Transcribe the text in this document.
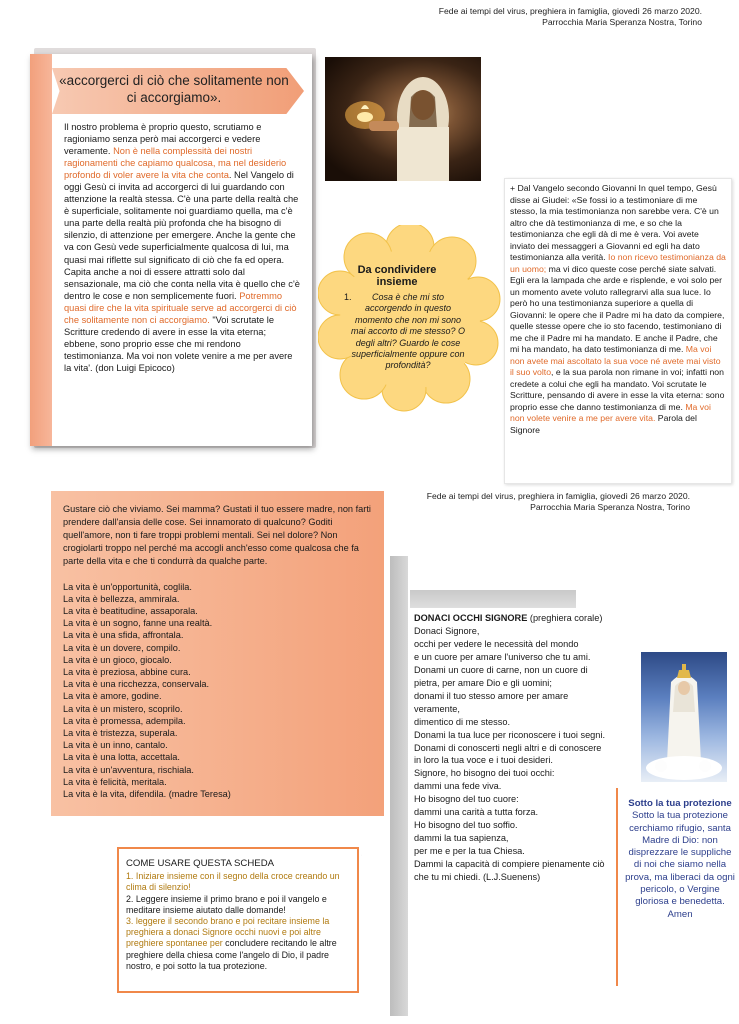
Fede ai tempi del virus, preghiera in famiglia, giovedì 26 marzo 2020.
Parrocchia Maria Speranza Nostra, Torino
«accorgerci di ciò che solitamente non ci accorgiamo».
Il nostro problema è proprio questo, scrutiamo e ragioniamo senza però mai accorgerci e vedere veramente. Non è nella complessità dei nostri ragionamenti che capiamo qualcosa, ma nel desiderio profondo di voler avere la vita che conta. Nel Vangelo di oggi Gesù ci invita ad accorgerci di lui guardando con attenzione la realtà stessa. C'è una parte della realtà che è superficiale, solitamente noi guardiamo quella, ma c'è una parte della realtà più profonda che ha bisogno di silenzio, di attenzione per emergere. Anche la gente che va con Gesù vede superficialmente qualcosa di lui, ma quasi mai riflette sul significato di ciò che fa ed opera. Capita anche a noi di essere attratti solo dal sensazionale, ma ciò che conta nella vita è quello che c'è dentro le cose e non semplicemente fuori. Potremmo quasi dire che la vita spirituale serve ad accorgerci di ciò che solitamente non ci accorgiamo. "Voi scrutate le Scritture credendo di avere in esse la vita eterna; ebbene, sono proprio esse che mi rendono testimonianza. Ma voi non volete venire a me per avere la vita'. (don Luigi Epicoco)
Da condividere insieme
1. Cosa è che mi sto accorgendo in questo momento che non mi sono mai accorto di me stesso? O degli altri? Guardo le cose superficialmente oppure con profondità?
+ Dal Vangelo secondo Giovanni In quel tempo, Gesù disse ai Giudei: «Se fossi io a testimoniare di me stesso, la mia testimonianza non sarebbe vera. C'è un altro che dà testimonianza di me, e so che la testimonianza che egli dà di me è vera. Voi avete inviato dei messaggeri a Giovanni ed egli ha dato testimonianza alla verità. Io non ricevo testimonianza da un uomo; ma vi dico queste cose perché siate salvati. Egli era la lampada che arde e risplende, e voi solo per un momento avete voluto rallegrarvi alla sua luce. Io però ho una testimonianza superiore a quella di Giovanni: le opere che il Padre mi ha dato da compiere, quelle stesse opere che io sto facendo, testimoniano di me che il Padre mi ha mandato. E anche il Padre, che mi ha mandato, ha dato testimonianza di me. Ma voi non avete mai ascoltato la sua voce né avete mai visto il suo volto, e la sua parola non rimane in voi; infatti non credete a colui che egli ha mandato. Voi scrutate le Scritture, pensando di avere in esse la vita eterna: sono proprio esse che danno testimonianza di me. Ma voi non volete venire a me per avere vita. Parola del Signore
Fede ai tempi del virus, preghiera in famiglia, giovedì 26 marzo 2020.
Parrocchia Maria Speranza Nostra, Torino
Gustare ciò che viviamo. Sei mamma? Gustati il tuo essere madre, non farti prendere dall'ansia delle cose. Sei innamorato di qualcuno? Goditi quell'amore, non ti fare troppi problemi mentali. Sei nel dolore? Non crogiolarti troppo nel perché ma accogli anch'esso come qualcosa che fa parte della vita e che ti condurrà da qualche parte.
La vita è un'opportunità, coglila.
La vita è bellezza, ammirala.
La vita è beatitudine, assaporala.
La vita è un sogno, fanne una realtà.
La vita è una sfida, affrontala.
La vita è un dovere, compilo.
La vita è un gioco, giocalo.
La vita è preziosa, abbine cura.
La vita è una ricchezza, conservala.
La vita è amore, godine.
La vita è un mistero, scoprilo.
La vita è promessa, adempila.
La vita è tristezza, superala.
La vita è un inno, cantalo.
La vita è una lotta, accettala.
La vita è un'avventura, rischiala.
La vita è felicità, meritala.
La vita è la vita, difendila. (madre Teresa)
DONACI OCCHI SIGNORE (preghiera corale)
Donaci Signore,
occhi per vedere le necessità del mondo
e un cuore per amare l'universo che tu ami.
Donami un cuore di carne, non un cuore di pietra, per amare Dio e gli uomini;
donami il tuo stesso amore per amare veramente,
dimentico di me stesso.
Donami la tua luce per riconoscere i tuoi segni.
Donami di conoscerti negli altri e di conoscere
in loro la tua voce e i tuoi desideri.
Signore, ho bisogno dei tuoi occhi:
dammi una fede viva.
Ho bisogno del tuo cuore:
dammi una carità a tutta forza.
Ho bisogno del tuo soffio.
dammi la tua sapienza,
per me e per la tua Chiesa.
Dammi la capacità di compiere pienamente ciò che tu mi chiedi. (L.J.Suenens)
Sotto la tua protezione
Sotto la tua protezione cerchiamo rifugio, santa Madre di Dio: non disprezzare le suppliche di noi che siamo nella prova, ma liberaci da ogni pericolo, o Vergine gloriosa e benedetta. Amen
COME USARE QUESTA SCHEDA
1. Iniziare insieme con il segno della croce creando un clima di silenzio!
2. Leggere insieme il primo brano e poi il vangelo e meditare insieme aiutato dalle domande!
3. leggere il secondo brano e poi recitare insieme la preghiera a donaci Signore occhi nuovi e poi altre preghiere spontanee per concludere recitando le altre preghiere della chiesa come l'angelo di Dio, il padre nostro, e poi sotto la tua protezione.
